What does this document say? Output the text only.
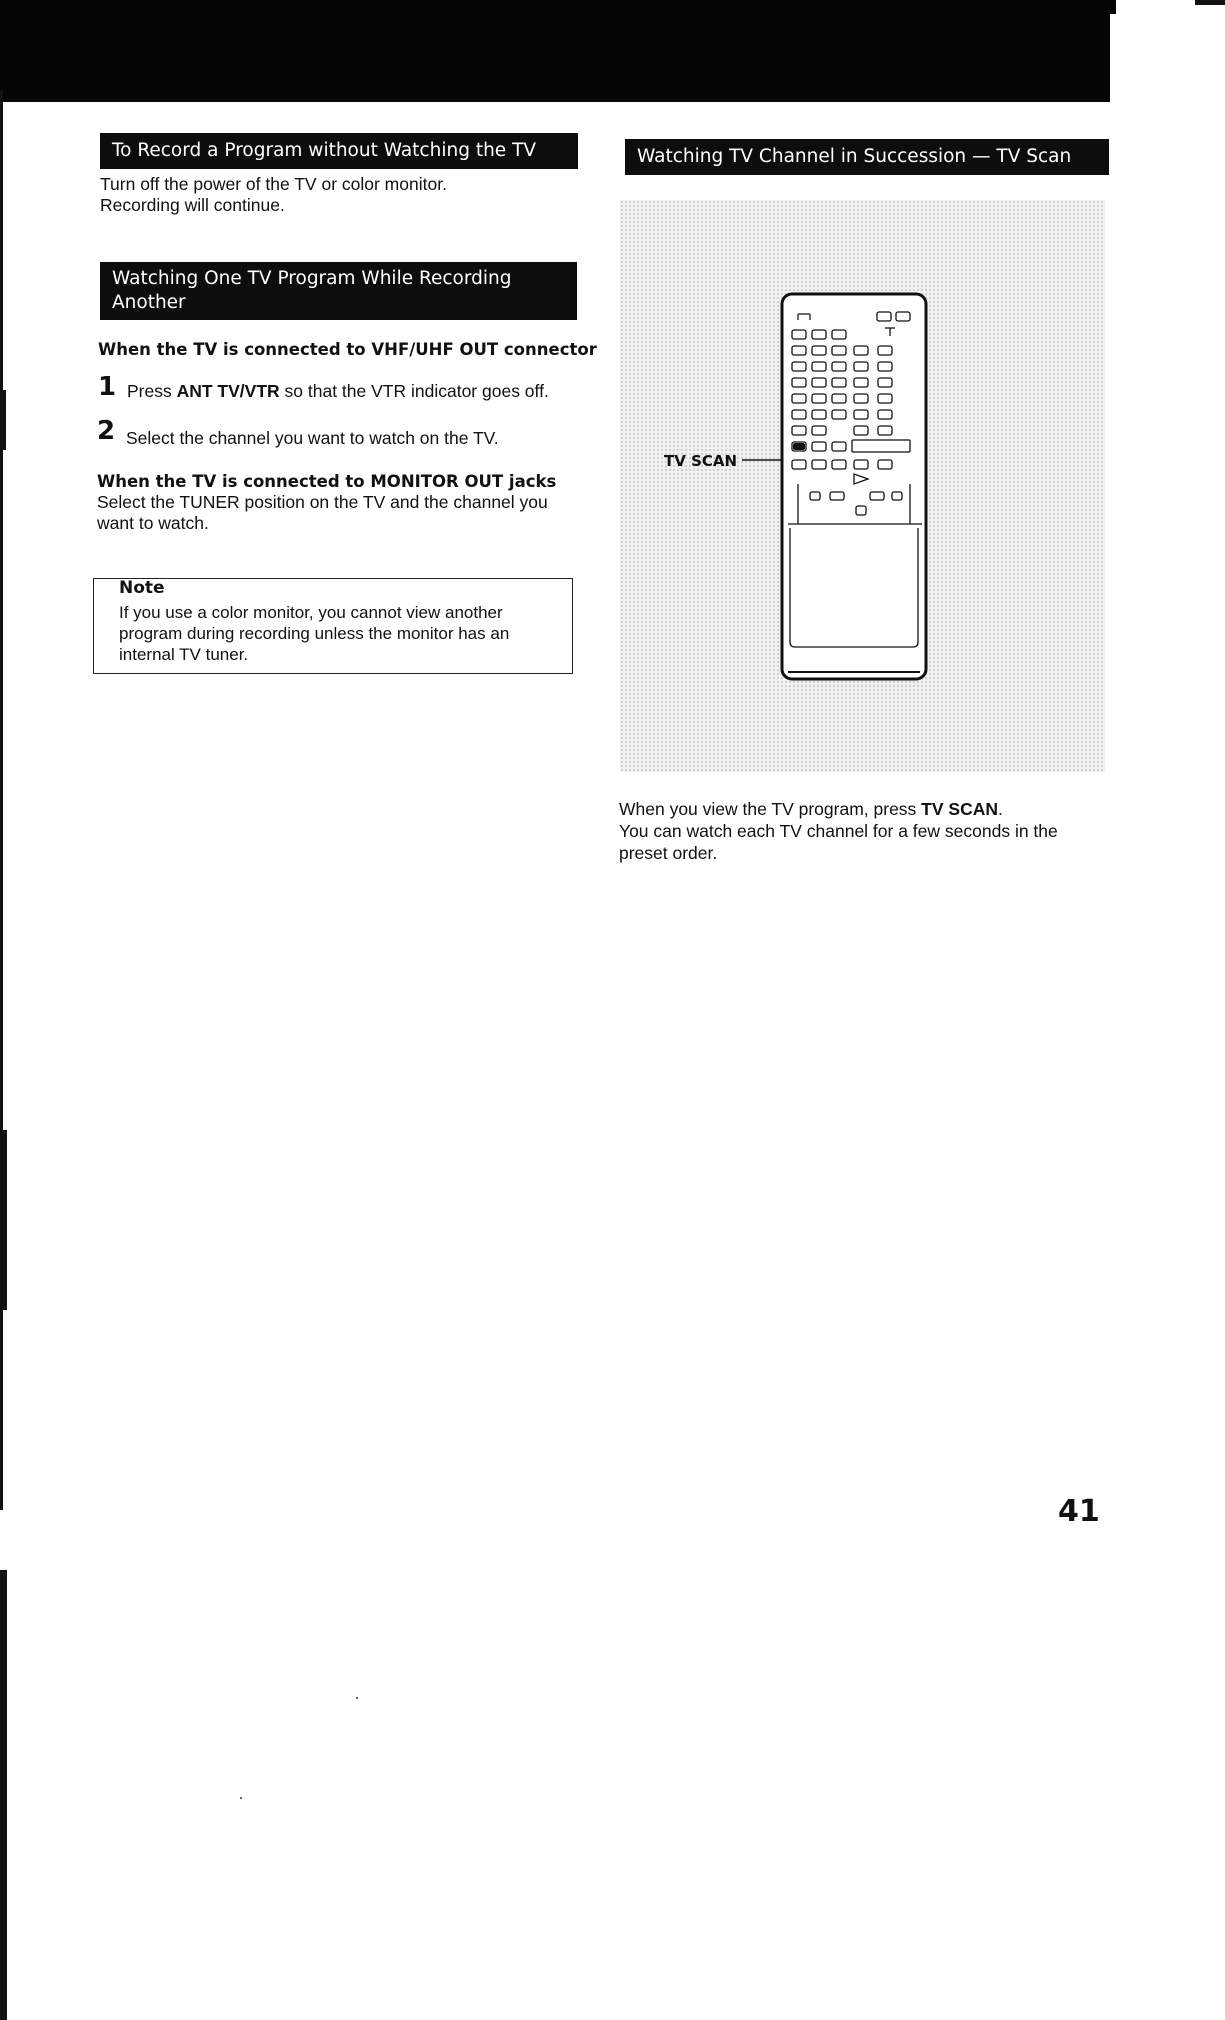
To Record a Program without Watching the TV

Turn off the power of the TV or color monitor.
Recording will continue.

Watching One TV Program While Recording
Another
When the TV is connected to VHF/UHF OUT connector
1 Press ANT TV/VTR so that the VTR indicator goes off.
2 Select the channel you want to watch on the TV.
When the TV is connected to MONITOR OUT jacks

Select the TUNER position on the TV and the channel you
want to watch.

Note
If you use a color monitor, you cannot view another
program during recording unless the monitor has an
internal TV tuner.
Watching TV Channel in Succession — TV Scan
TV SCAN

When you view the TV program, press TV SCAN.
You can watch each TV channel for a few seconds in the
preset order.

41
